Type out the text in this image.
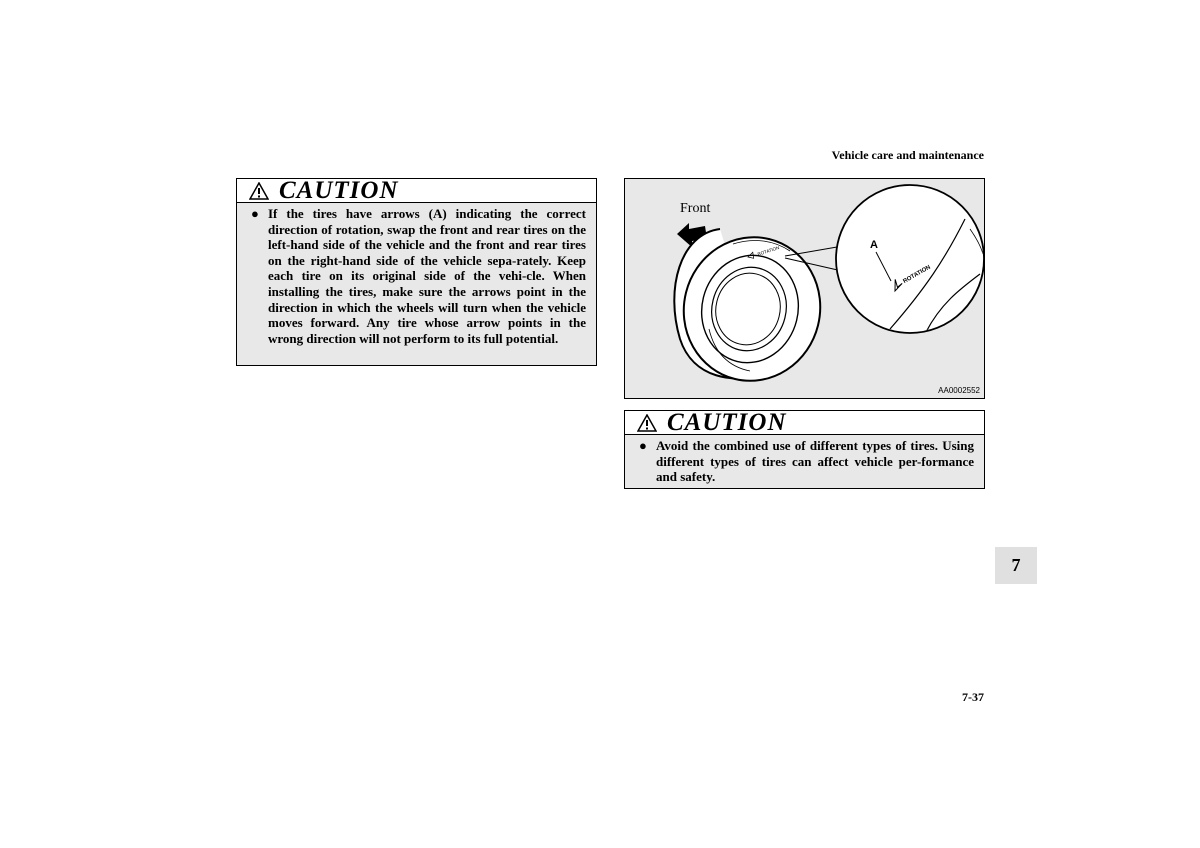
Vehicle care and maintenance
CAUTION
● If the tires have arrows (A) indicating the correct direction of rotation, swap the front and rear tires on the left-hand side of the vehicle and the front and rear tires on the right-hand side of the vehicle sepa-rately. Keep each tire on its original side of the vehi-cle. When installing the tires, make sure the arrows point in the direction in which the wheels will turn when the vehicle moves forward. Any tire whose arrow points in the wrong direction will not perform to its full potential.
Front
ROTATION	A
ROTATION
AA0002552
CAUTION
● Avoid the combined use of different types of tires. Using different types of tires can affect vehicle per-formance and safety.
7
7-37
